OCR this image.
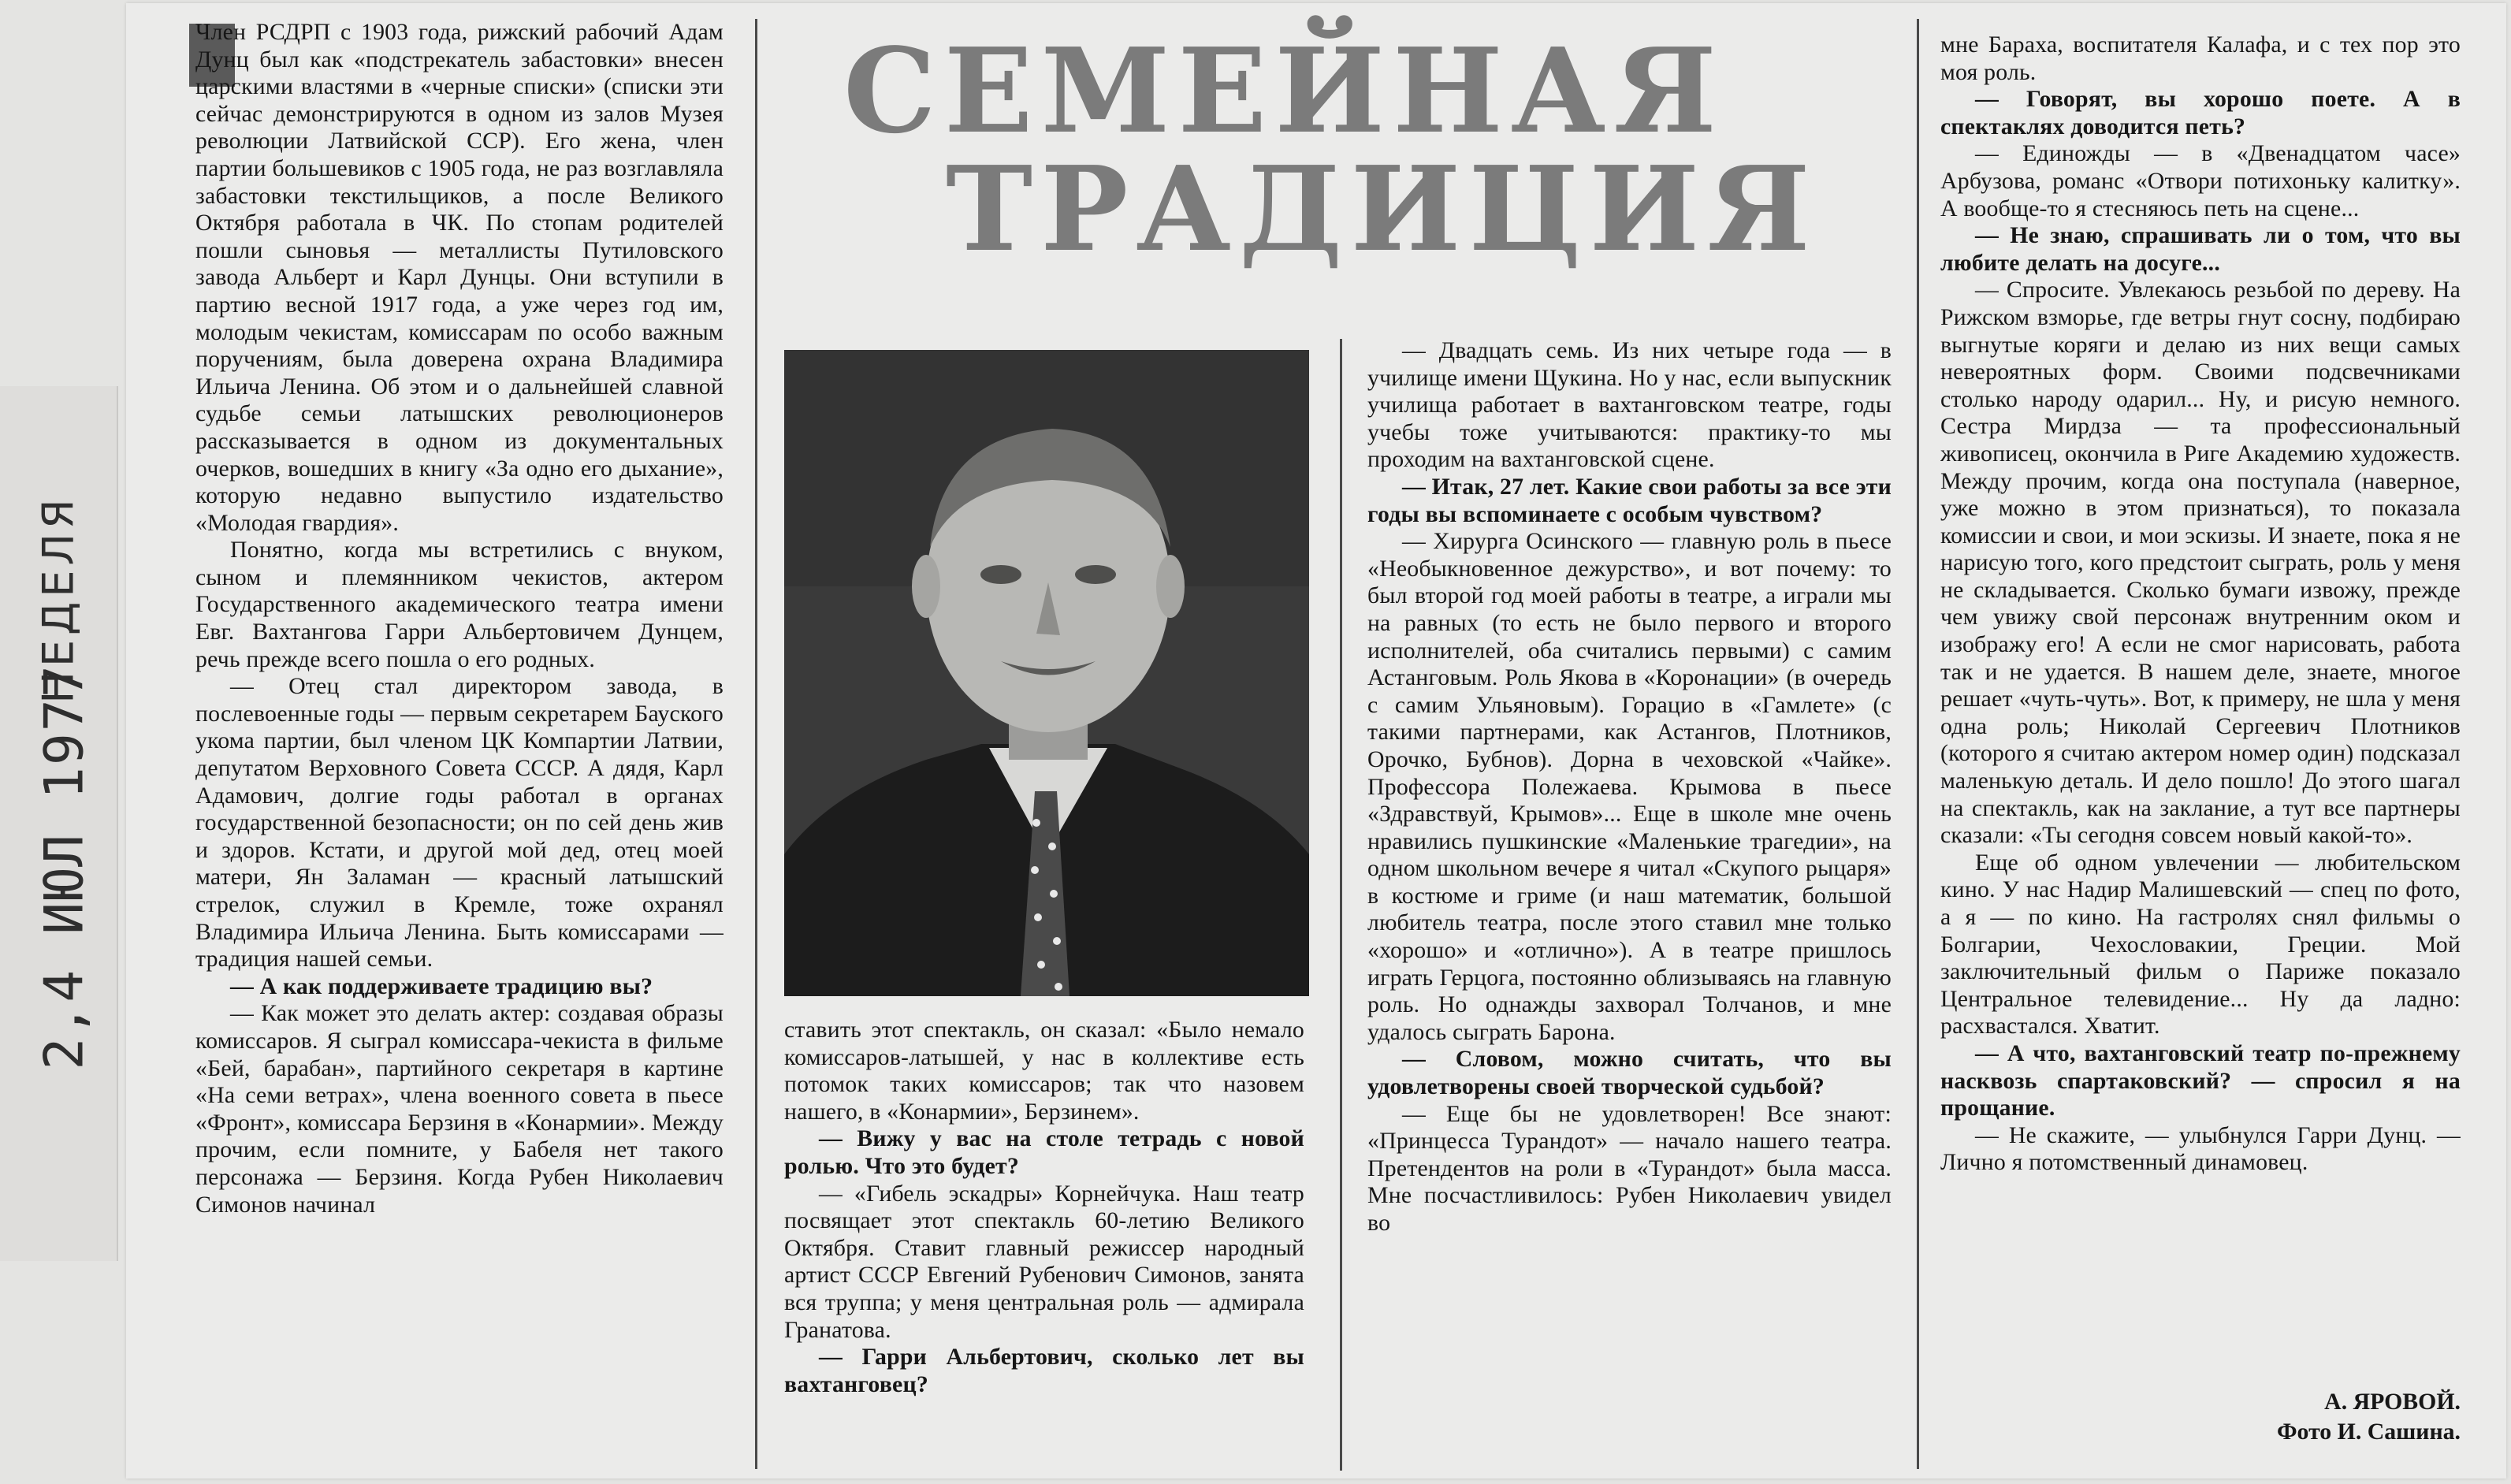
НЕДЕЛЯ
2,4 ИЮЛ 1977
СЕМЕЙНАЯ
ТРАДИЦИЯ

Член РСДРП с 1903 года, рижский рабочий Адам Дунц был как «подстрекатель забастовки» внесен царскими властями в «черные списки» (списки эти сейчас демонстрируются в одном из залов Музея революции Латвийской ССР). Его жена, член партии большевиков с 1905 года, не раз возглавляла забастовки текстильщиков, а после Великого Октября работала в ЧК. По стопам родителей пошли сыновья — металлисты Путиловского завода Альберт и Карл Дунцы. Они вступили в партию весной 1917 года, а уже через год им, молодым чекистам, комиссарам по особо важным поручениям, была доверена охрана Владимира Ильича Ленина. Об этом и о дальнейшей славной судьбе семьи латышских революционеров рассказывается в одном из документальных очерков, вошедших в книгу «За одно его дыхание», которую недавно выпустило издательство «Молодая гвардия».

Понятно, когда мы встретились с внуком, сыном и племянником чекистов, актером Государственного академического театра имени Евг. Вахтангова Гарри Альбертовичем Дунцем, речь прежде всего пошла о его родных.

— Отец стал директором завода, в послевоенные годы — первым секретарем Бауского укома партии, был членом ЦК Компартии Латвии, депутатом Верховного Совета СССР. А дядя, Карл Адамович, долгие годы работал в органах государственной безопасности; он по сей день жив и здоров. Кстати, и другой мой дед, отец моей матери, Ян Заламан — красный латышский стрелок, служил в Кремле, тоже охранял Владимира Ильича Ленина. Быть комиссарами — традиция нашей семьи.

— А как поддерживаете традицию вы?

— Как может это делать актер: создавая образы комиссаров. Я сыграл комиссара-чекиста в фильме «Бей, барабан», партийного секретаря в картине «На семи ветрах», члена военного совета в пьесе «Фронт», комиссара Берзиня в «Конармии». Между прочим, если помните, у Бабеля нет такого персонажа — Берзиня. Когда Рубен Николаевич Симонов начинал

ставить этот спектакль, он сказал: «Было немало комиссаров-латышей, у нас в коллективе есть потомок таких комиссаров; так что назовем нашего, в «Конармии», Берзинем».

— Вижу у вас на столе тетрадь с новой ролью. Что это будет?

— «Гибель эскадры» Корнейчука. Наш театр посвящает этот спектакль 60-летию Великого Октября. Ставит главный режиссер народный артист СССР Евгений Рубенович Симонов, занята вся труппа; у меня центральная роль — адмирала Гранатова.

— Гарри Альбертович, сколько лет вы вахтанговец?

— Двадцать семь. Из них четыре года — в училище имени Щукина. Но у нас, если выпускник училища работает в вахтанговском театре, годы учебы тоже учитываются: практику-то мы проходим на вахтанговской сцене.

— Итак, 27 лет. Какие свои работы за все эти годы вы вспоминаете с особым чувством?

— Хирурга Осинского — главную роль в пьесе «Необыкновенное дежурство», и вот почему: то был второй год моей работы в театре, а играли мы на равных (то есть не было первого и второго исполнителей, оба считались первыми) с самим Астанговым. Роль Якова в «Коронации» (в очередь с самим Ульяновым). Горацио в «Гамлете» (с такими партнерами, как Астангов, Плотников, Орочко, Бубнов). Дорна в чеховской «Чайке». Профессора Полежаева. Крымова в пьесе «Здравствуй, Крымов»... Еще в школе мне очень нравились пушкинские «Маленькие трагедии», на одном школьном вечере я читал «Скупого рыцаря» в костюме и гриме (и наш математик, большой любитель театра, после этого ставил мне только «хорошо» и «отлично»). А в театре пришлось играть Герцога, постоянно облизываясь на главную роль. Но однажды захворал Толчанов, и мне удалось сыграть Барона.

— Словом, можно считать, что вы удовлетворены своей творческой судьбой?

— Еще бы не удовлетворен! Все знают: «Принцесса Турандот» — начало нашего театра. Претендентов на роли в «Турандот» была масса. Мне посчастливилось: Рубен Николаевич увидел во

мне Бараха, воспитателя Калафа, и с тех пор это моя роль.

— Говорят, вы хорошо поете. А в спектаклях доводится петь?

— Единожды — в «Двенадцатом часе» Арбузова, романс «Отвори потихоньку калитку». А вообще-то я стесняюсь петь на сцене...

— Не знаю, спрашивать ли о том, что вы любите делать на досуге...

— Спросите. Увлекаюсь резьбой по дереву. На Рижском взморье, где ветры гнут сосну, подбираю выгнутые коряги и делаю из них вещи самых невероятных форм. Своими подсвечниками столько народу одарил... Ну, и рисую немного. Сестра Мирдза — та профессиональный живописец, окончила в Риге Академию художеств. Между прочим, когда она поступала (наверное, уже можно в этом признаться), то показала комиссии и свои, и мои эскизы. И знаете, пока я не нарисую того, кого предстоит сыграть, роль у меня не складывается. Сколько бумаги извожу, прежде чем увижу свой персонаж внутренним оком и изображу его! А если не смог нарисовать, работа так и не удается. В нашем деле, знаете, многое решает «чуть-чуть». Вот, к примеру, не шла у меня одна роль; Николай Сергеевич Плотников (которого я считаю актером номер один) подсказал маленькую деталь. И дело пошло! До этого шагал на спектакль, как на заклание, а тут все партнеры сказали: «Ты сегодня совсем новый какой-то».

Еще об одном увлечении — любительском кино. У нас Надир Малишевский — спец по фото, а я — по кино. На гастролях снял фильмы о Болгарии, Чехословакии, Греции. Мой заключительный фильм о Париже показало Центральное телевидение... Ну да ладно: расхвастался. Хватит.

— А что, вахтанговский театр по-прежнему насквозь спартаковский? — спросил я на прощание.

— Не скажите, — улыбнулся Гарри Дунц. — Лично я потомственный динамовец.

А. ЯРОВОЙ.
Фото И. Сашина.
